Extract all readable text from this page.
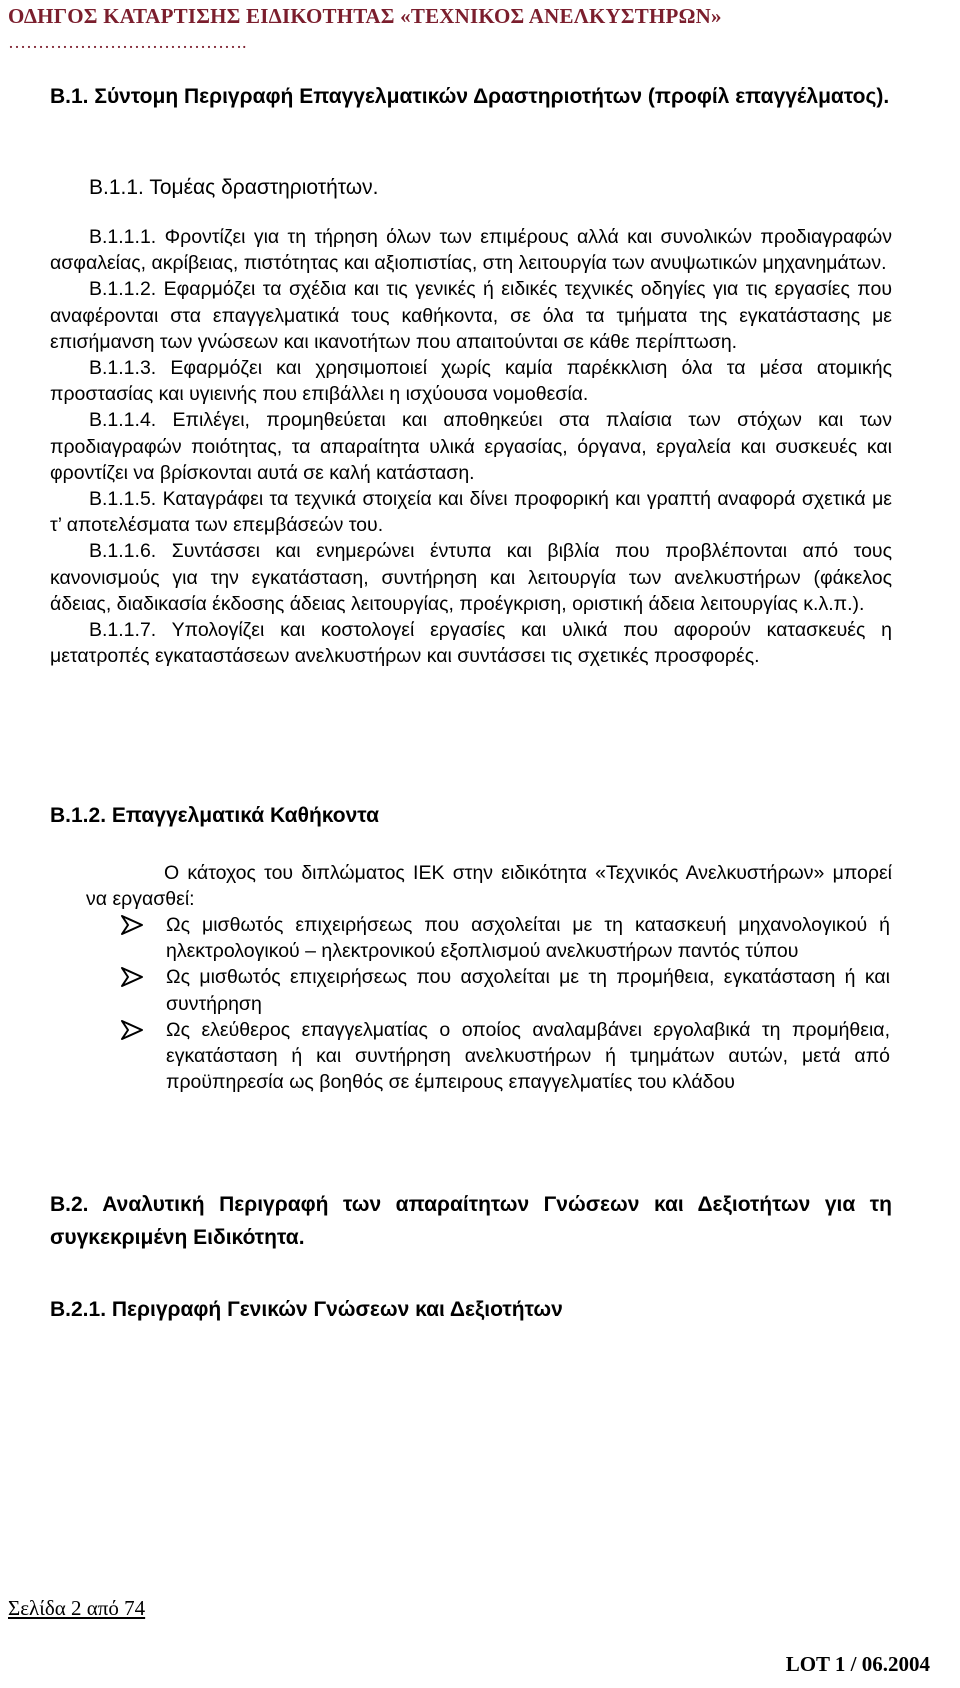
ΟΔΗΓΟΣ ΚΑΤΑΡΤΙΣΗΣ ΕΙΔΙΚΟΤΗΤΑΣ «ΤΕΧΝΙΚΟΣ ΑΝΕΛΚΥΣΤΗΡΩΝ»
………………………………….
Β.1. Σύντομη Περιγραφή Επαγγελματικών Δραστηριοτήτων (προφίλ επαγγέλματος).
Β.1.1. Τομέας δραστηριοτήτων.
Β.1.1.1. Φροντίζει για τη τήρηση όλων των επιμέρους αλλά και συνολικών προδιαγραφών ασφαλείας, ακρίβειας, πιστότητας και αξιοπιστίας, στη λειτουργία των ανυψωτικών μηχανημάτων.
Β.1.1.2. Εφαρμόζει τα σχέδια και τις γενικές ή ειδικές τεχνικές οδηγίες για τις εργασίες που αναφέρονται στα επαγγελματικά τους καθήκοντα, σε όλα τα τμήματα της εγκατάστασης με επισήμανση των γνώσεων και ικανοτήτων που απαιτούνται σε κάθε περίπτωση.
Β.1.1.3. Εφαρμόζει και χρησιμοποιεί χωρίς καμία παρέκκλιση όλα τα μέσα ατομικής προστασίας και υγιεινής που επιβάλλει η ισχύουσα νομοθεσία.
Β.1.1.4. Επιλέγει, προμηθεύεται και αποθηκεύει στα πλαίσια των στόχων και των προδιαγραφών ποιότητας, τα απαραίτητα υλικά εργασίας, όργανα, εργαλεία και συσκευές και φροντίζει να βρίσκονται αυτά σε καλή κατάσταση.
Β.1.1.5. Καταγράφει τα τεχνικά στοιχεία και δίνει προφορική και γραπτή αναφορά σχετικά με τ’ αποτελέσματα των επεμβάσεών του.
Β.1.1.6. Συντάσσει και ενημερώνει έντυπα και βιβλία που προβλέπονται από τους κανονισμούς για την εγκατάσταση, συντήρηση και λειτουργία των ανελκυστήρων (φάκελος άδειας, διαδικασία έκδοσης άδειας λειτουργίας, προέγκριση, οριστική άδεια λειτουργίας κ.λ.π.).
Β.1.1.7. Υπολογίζει και κοστολογεί εργασίες και υλικά που αφορούν κατασκευές η μετατροπές εγκαταστάσεων ανελκυστήρων και συντάσσει τις σχετικές προσφορές.
Β.1.2. Επαγγελματικά Καθήκοντα
Ο κάτοχος του διπλώματος ΙΕΚ στην ειδικότητα «Τεχνικός Ανελκυστήρων» μπορεί να εργασθεί:
Ως μισθωτός επιχειρήσεως που ασχολείται με τη κατασκευή μηχανολογικού ή ηλεκτρολογικού – ηλεκτρονικού εξοπλισμού ανελκυστήρων παντός τύπου
Ως μισθωτός επιχειρήσεως που ασχολείται με τη προμήθεια, εγκατάσταση ή και συντήρηση
Ως ελεύθερος επαγγελματίας ο οποίος αναλαμβάνει εργολαβικά τη προμήθεια, εγκατάσταση ή και συντήρηση ανελκυστήρων ή τμημάτων αυτών, μετά από προϋπηρεσία ως βοηθός σε έμπειρους επαγγελματίες του κλάδου
Β.2. Αναλυτική Περιγραφή των απαραίτητων Γνώσεων και Δεξιοτήτων για τη συγκεκριμένη Ειδικότητα.
Β.2.1. Περιγραφή Γενικών Γνώσεων και Δεξιοτήτων
Σελίδα 2 από 74
LOT 1 / 06.2004
